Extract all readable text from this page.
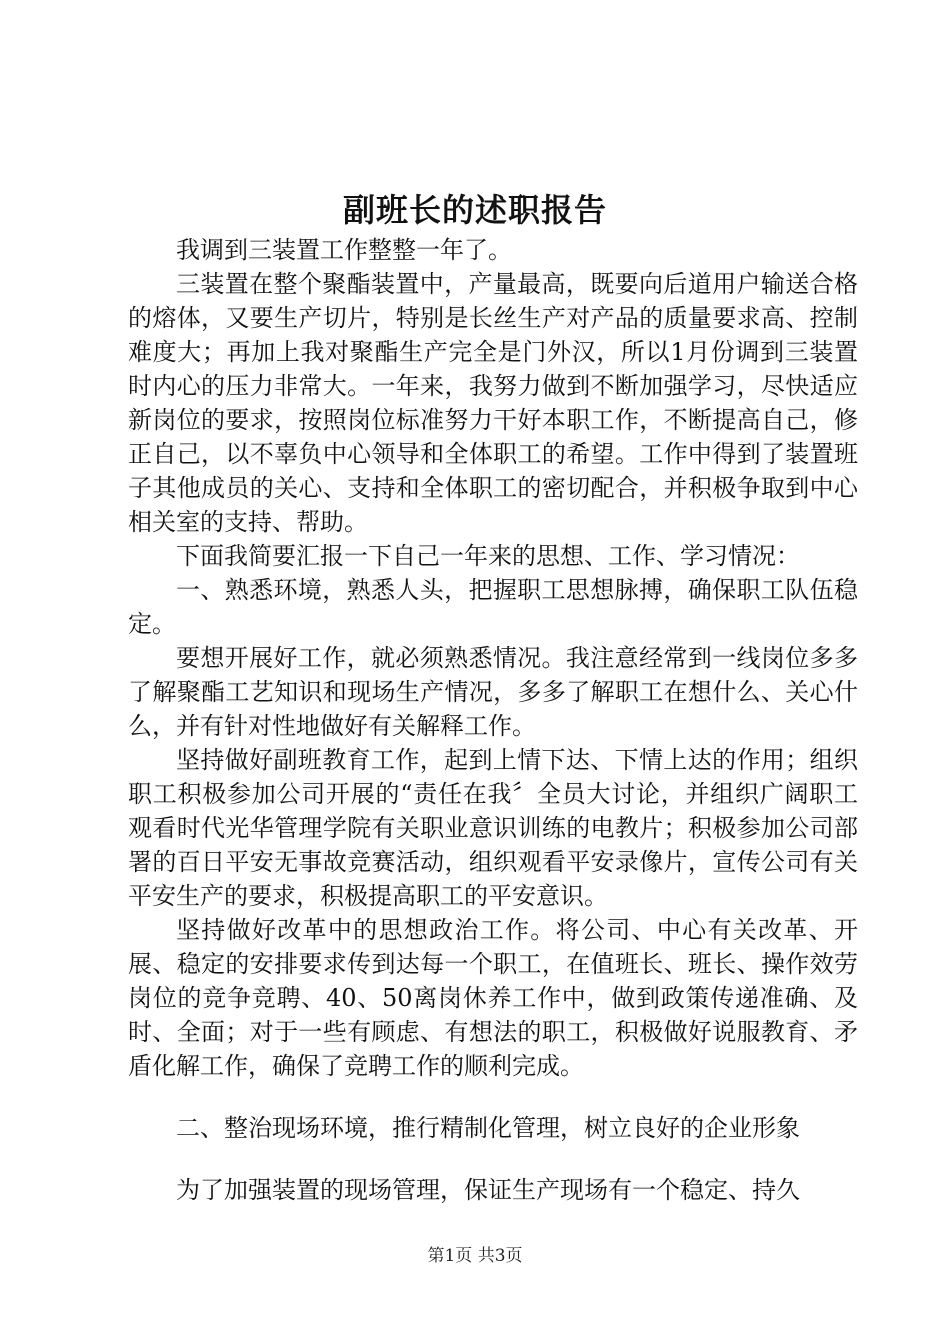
副班长的述职报告

我调到三装置工作整整一年了。

三装置在整个聚酯装置中，产量最高，既要向后道用户输送合格的熔体，又要生产切片，特别是长丝生产对产品的质量要求高、控制难度大；再加上我对聚酯生产完全是门外汉，所以1月份调到三装置时内心的压力非常大。一年来，我努力做到不断加强学习，尽快适应新岗位的要求，按照岗位标准努力干好本职工作，不断提高自己，修正自己，以不辜负中心领导和全体职工的希望。工作中得到了装置班子其他成员的关心、支持和全体职工的密切配合，并积极争取到中心相关室的支持、帮助。

下面我简要汇报一下自己一年来的思想、工作、学习情况：

一、熟悉环境，熟悉人头，把握职工思想脉搏，确保职工队伍稳定。

要想开展好工作，就必须熟悉情况。我注意经常到一线岗位多多了解聚酯工艺知识和现场生产情况，多多了解职工在想什么、关心什么，并有针对性地做好有关解释工作。

坚持做好副班教育工作，起到上情下达、下情上达的作用；组织职工积极参加公司开展的“责任在我〞全员大讨论，并组织广阔职工观看时代光华管理学院有关职业意识训练的电教片；积极参加公司部署的百日平安无事故竞赛活动，组织观看平安录像片，宣传公司有关平安生产的要求，积极提高职工的平安意识。

坚持做好改革中的思想政治工作。将公司、中心有关改革、开展、稳定的安排要求传到达每一个职工，在值班长、班长、操作效劳岗位的竞争竞聘、40、50离岗休养工作中，做到政策传递准确、及时、全面；对于一些有顾虑、有想法的职工，积极做好说服教育、矛盾化解工作，确保了竞聘工作的顺利完成。

二、整治现场环境，推行精制化管理，树立良好的企业形象

为了加强装置的现场管理，保证生产现场有一个稳定、持久

第1页 共3页
